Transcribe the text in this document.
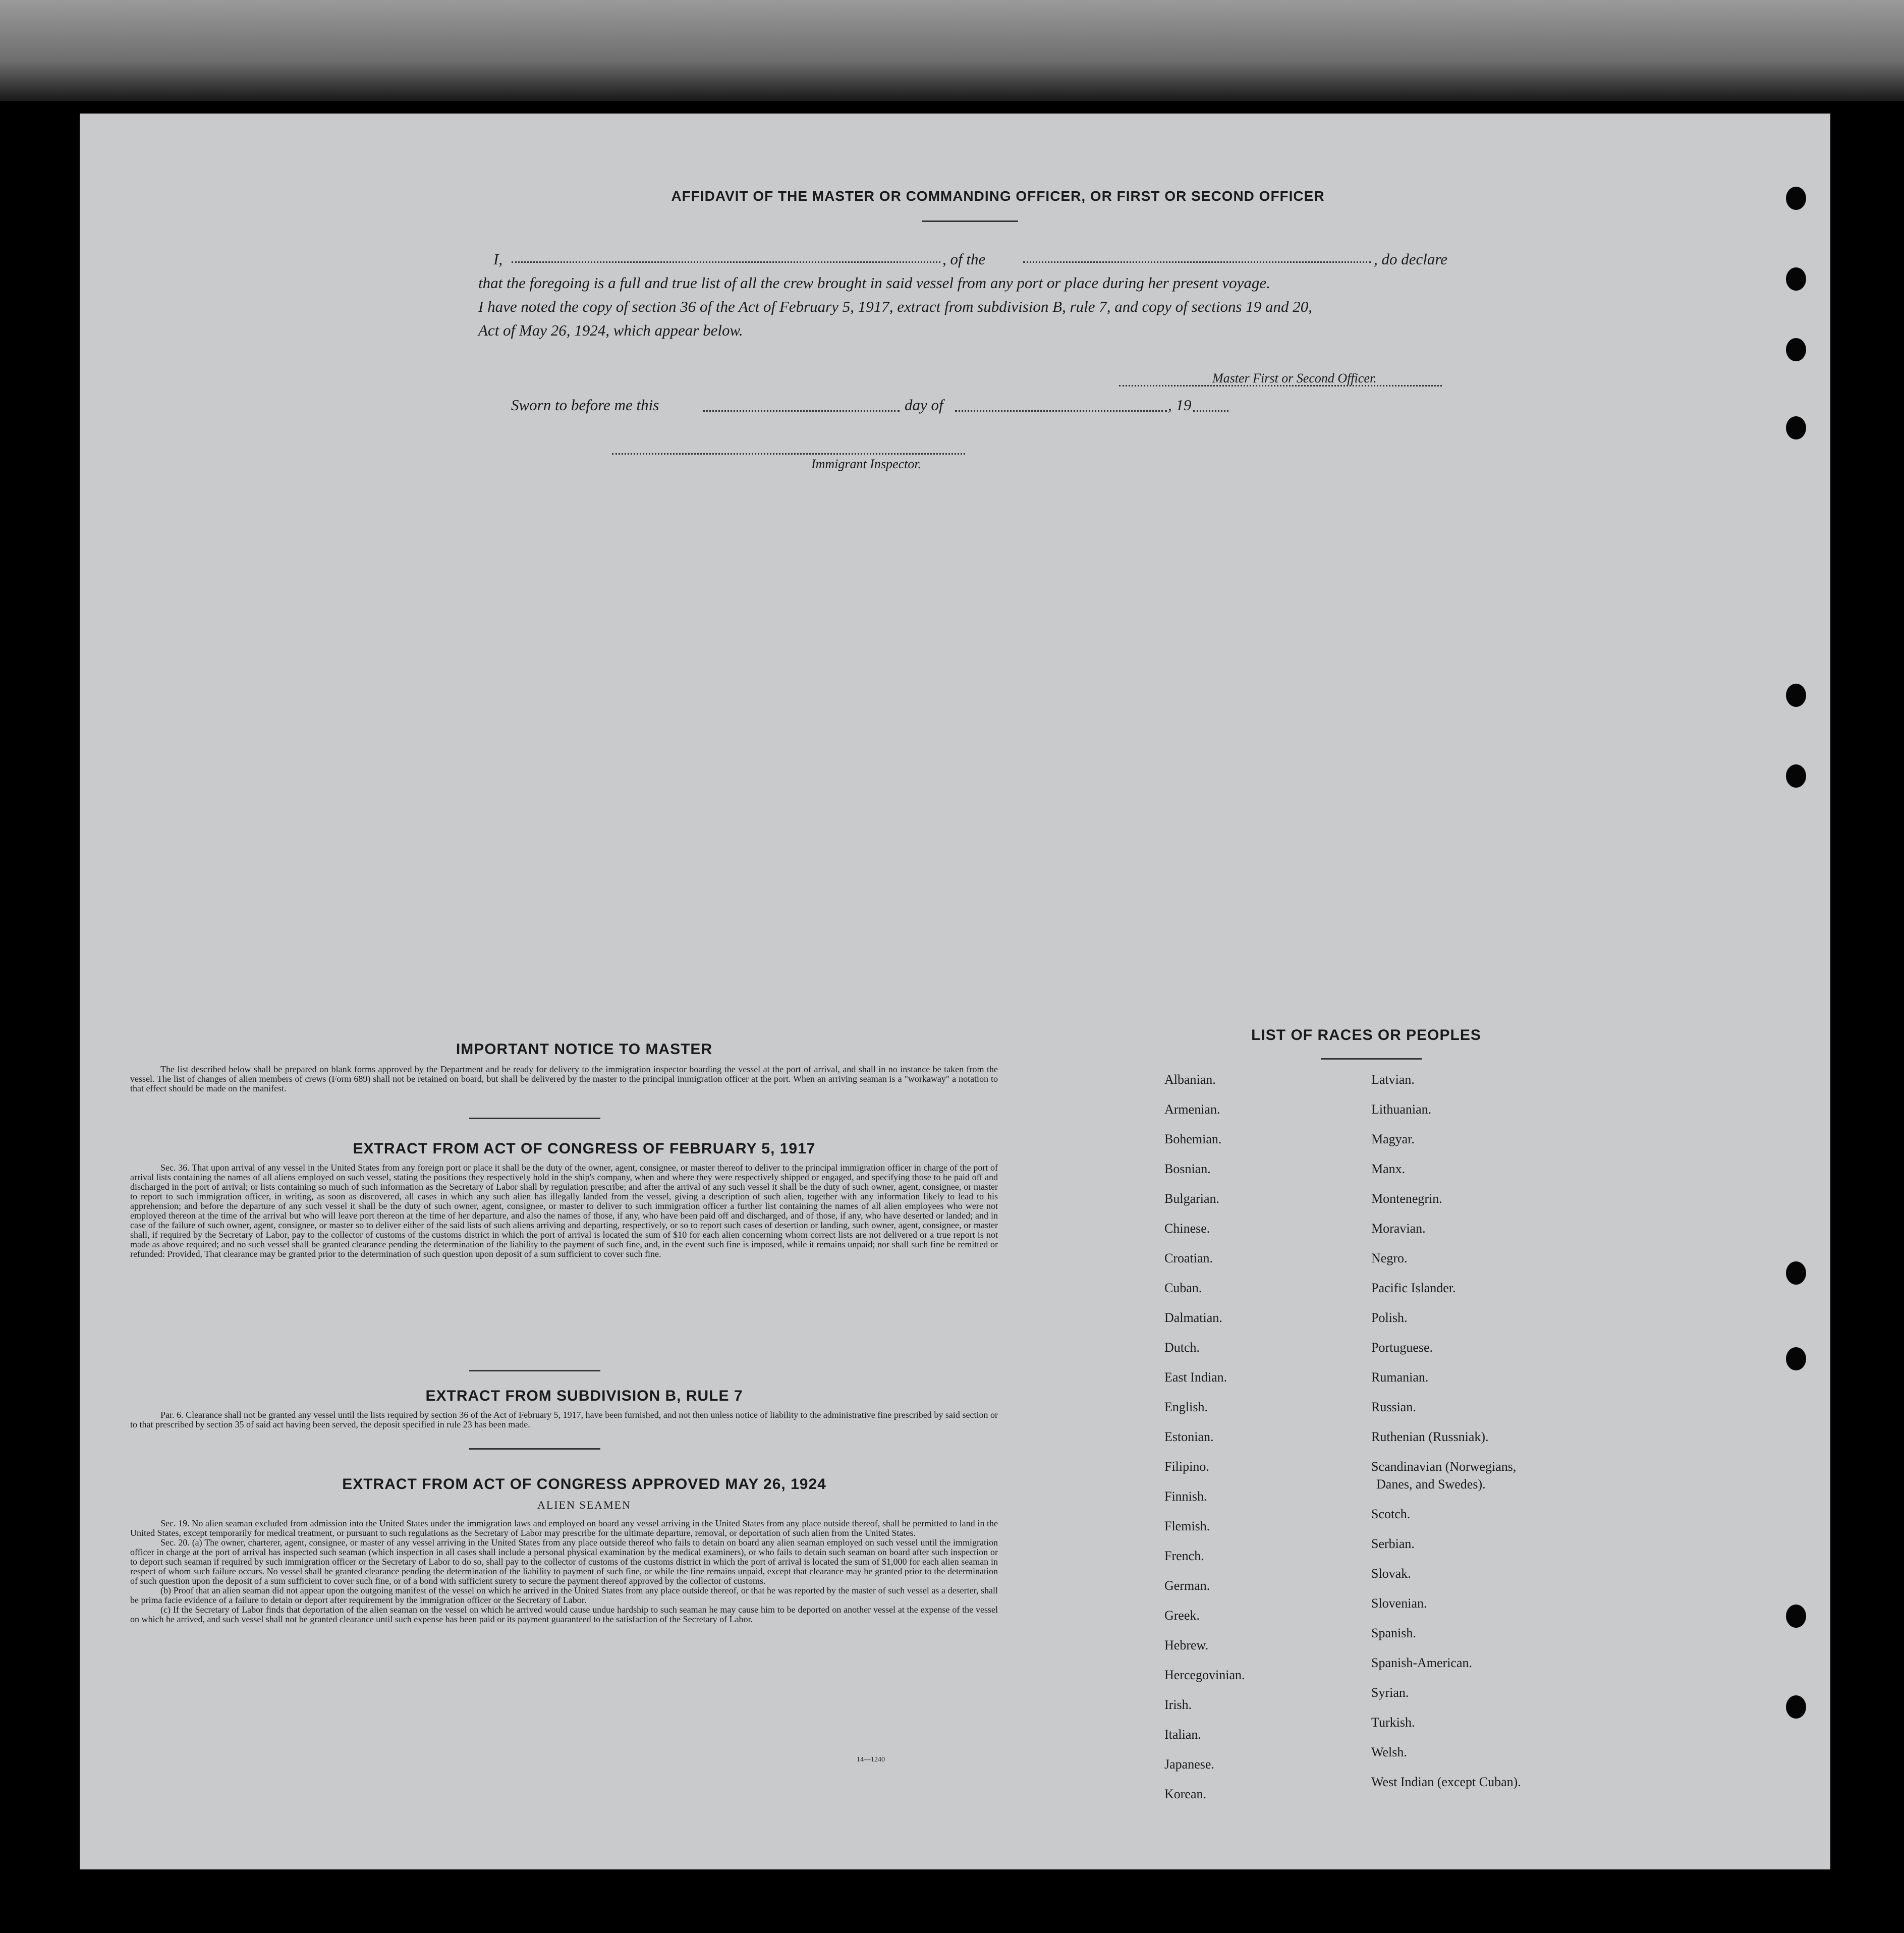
AFFIDAVIT OF THE MASTER OR COMMANDING OFFICER, OR FIRST OR SECOND OFFICER
I,	, of the	, do declare
that the foregoing is a full and true list of all the crew brought in said vessel from any port or place during her present voyage.
I have noted the copy of section 36 of the Act of February 5, 1917, extract from subdivision B, rule 7, and copy of sections 19 and 20,
Act of May 26, 1924, which appear below.
Master First or Second Officer.
Sworn to before me this	day of	, 19
Immigrant Inspector.
IMPORTANT NOTICE TO MASTER
The list described below shall be prepared on blank forms approved by the Department and be ready for delivery to the immigration inspector boarding the vessel at the port of arrival, and shall in no instance be taken from the vessel. The list of changes of alien members of crews (Form 689) shall not be retained on board, but shall be delivered by the master to the principal immigration officer at the port. When an arriving seaman is a "workaway" a notation to that effect should be made on the manifest.
EXTRACT FROM ACT OF CONGRESS OF FEBRUARY 5, 1917
Sec. 36. That upon arrival of any vessel in the United States from any foreign port or place it shall be the duty of the owner, agent, consignee, or master thereof to deliver to the principal immigration officer in charge of the port of arrival lists containing the names of all aliens employed on such vessel, stating the positions they respectively hold in the ship's company, when and where they were respectively shipped or engaged, and specifying those to be paid off and discharged in the port of arrival; or lists containing so much of such information as the Secretary of Labor shall by regulation prescribe; and after the arrival of any such vessel it shall be the duty of such owner, agent, consignee, or master to report to such immigration officer, in writing, as soon as discovered, all cases in which any such alien has illegally landed from the vessel, giving a description of such alien, together with any information likely to lead to his apprehension; and before the departure of any such vessel it shall be the duty of such owner, agent, consignee, or master to deliver to such immigration officer a further list containing the names of all alien employees who were not employed thereon at the time of the arrival but who will leave port thereon at the time of her departure, and also the names of those, if any, who have been paid off and discharged, and of those, if any, who have deserted or landed; and in case of the failure of such owner, agent, consignee, or master so to deliver either of the said lists of such aliens arriving and departing, respectively, or so to report such cases of desertion or landing, such owner, agent, consignee, or master shall, if required by the Secretary of Labor, pay to the collector of customs of the customs district in which the port of arrival is located the sum of $10 for each alien concerning whom correct lists are not delivered or a true report is not made as above required; and no such vessel shall be granted clearance pending the determination of the liability to the payment of such fine, and, in the event such fine is imposed, while it remains unpaid; nor shall such fine be remitted or refunded: Provided, That clearance may be granted prior to the determination of such question upon deposit of a sum sufficient to cover such fine.
EXTRACT FROM SUBDIVISION B, RULE 7
Par. 6. Clearance shall not be granted any vessel until the lists required by section 36 of the Act of February 5, 1917, have been furnished, and not then unless notice of liability to the administrative fine prescribed by said section or to that prescribed by section 35 of said act having been served, the deposit specified in rule 23 has been made.
EXTRACT FROM ACT OF CONGRESS APPROVED MAY 26, 1924
ALIEN SEAMEN
Sec. 19. No alien seaman excluded from admission into the United States under the immigration laws and employed on board any vessel arriving in the United States from any place outside thereof, shall be permitted to land in the United States, except temporarily for medical treatment, or pursuant to such regulations as the Secretary of Labor may prescribe for the ultimate departure, removal, or deportation of such alien from the United States.
Sec. 20. (a) The owner, charterer, agent, consignee, or master of any vessel arriving in the United States from any place outside thereof who fails to detain on board any alien seaman employed on such vessel until the immigration officer in charge at the port of arrival has inspected such seaman (which inspection in all cases shall include a personal physical examination by the medical examiners), or who fails to detain such seaman on board after such inspection or to deport such seaman if required by such immigration officer or the Secretary of Labor to do so, shall pay to the collector of customs of the customs district in which the port of arrival is located the sum of $1,000 for each alien seaman in respect of whom such failure occurs. No vessel shall be granted clearance pending the determination of the liability to payment of such fine, or while the fine remains unpaid, except that clearance may be granted prior to the determination of such question upon the deposit of a sum sufficient to cover such fine, or of a bond with sufficient surety to secure the payment thereof approved by the collector of customs.
(b) Proof that an alien seaman did not appear upon the outgoing manifest of the vessel on which he arrived in the United States from any place outside thereof, or that he was reported by the master of such vessel as a deserter, shall be prima facie evidence of a failure to detain or deport after requirement by the immigration officer or the Secretary of Labor.
(c) If the Secretary of Labor finds that deportation of the alien seaman on the vessel on which he arrived would cause undue hardship to such seaman he may cause him to be deported on another vessel at the expense of the vessel on which he arrived, and such vessel shall not be granted clearance until such expense has been paid or its payment guaranteed to the satisfaction of the Secretary of Labor.
14—1240
LIST OF RACES OR PEOPLES
Albanian.
Armenian.
Bohemian.
Bosnian.
Bulgarian.
Chinese.
Croatian.
Cuban.
Dalmatian.
Dutch.
East Indian.
English.
Estonian.
Filipino.
Finnish.
Flemish.
French.
German.
Greek.
Hebrew.
Hercegovinian.
Irish.
Italian.
Japanese.
Korean.
Latvian.
Lithuanian.
Magyar.
Manx.
Montenegrin.
Moravian.
Negro.
Pacific Islander.
Polish.
Portuguese.
Rumanian.
Russian.
Ruthenian (Russniak).
Scandinavian (Norwegians,
Danes, and Swedes).
Scotch.
Serbian.
Slovak.
Slovenian.
Spanish.
Spanish-American.
Syrian.
Turkish.
Welsh.
West Indian (except Cuban).
